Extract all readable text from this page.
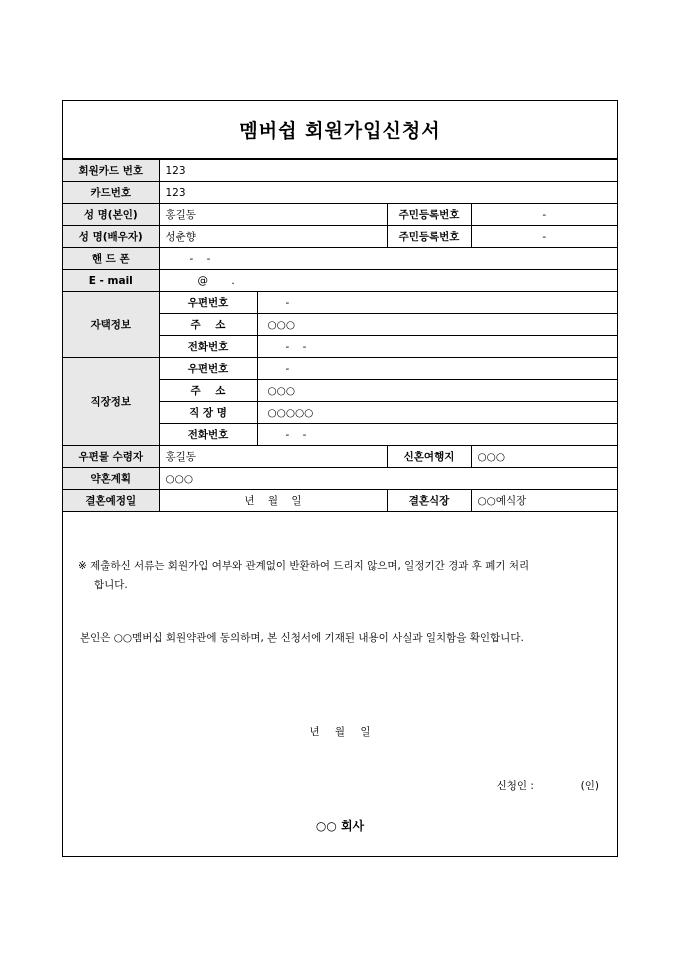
멤버쉽 회원가입신청서
회원카드 번호	123			
카드번호	123			
성 명(본인)	홍길동		주민등록번호	-
성 명(배우자)	성춘향		주민등록번호	-
핸 드 폰	-    -			
E - mail	@       .			
자택정보	우편번호	-		
	주    소	○○○		
	전화번호	-    -		
직장정보	우편번호	-		
	주    소	○○○		
	직 장 명	○○○○○		
	전화번호	-    -		
우편물 수령자	홍길동		신혼여행지	○○○
약혼계획	○○○			
결혼예정일	년    월    일		결혼식장	○○예식장
※ 제출하신 서류는 회원가입 여부와 관계없이 반환하여 드리지 않으며, 일정기간 경과 후 폐기 처리
합니다.
본인은 ○○멤버십 회원약관에 동의하며, 본 신청서에 기재된 내용이 사실과 일치함을 확인합니다.
년 월 일
신청인 :              (인)
○○ 회사
